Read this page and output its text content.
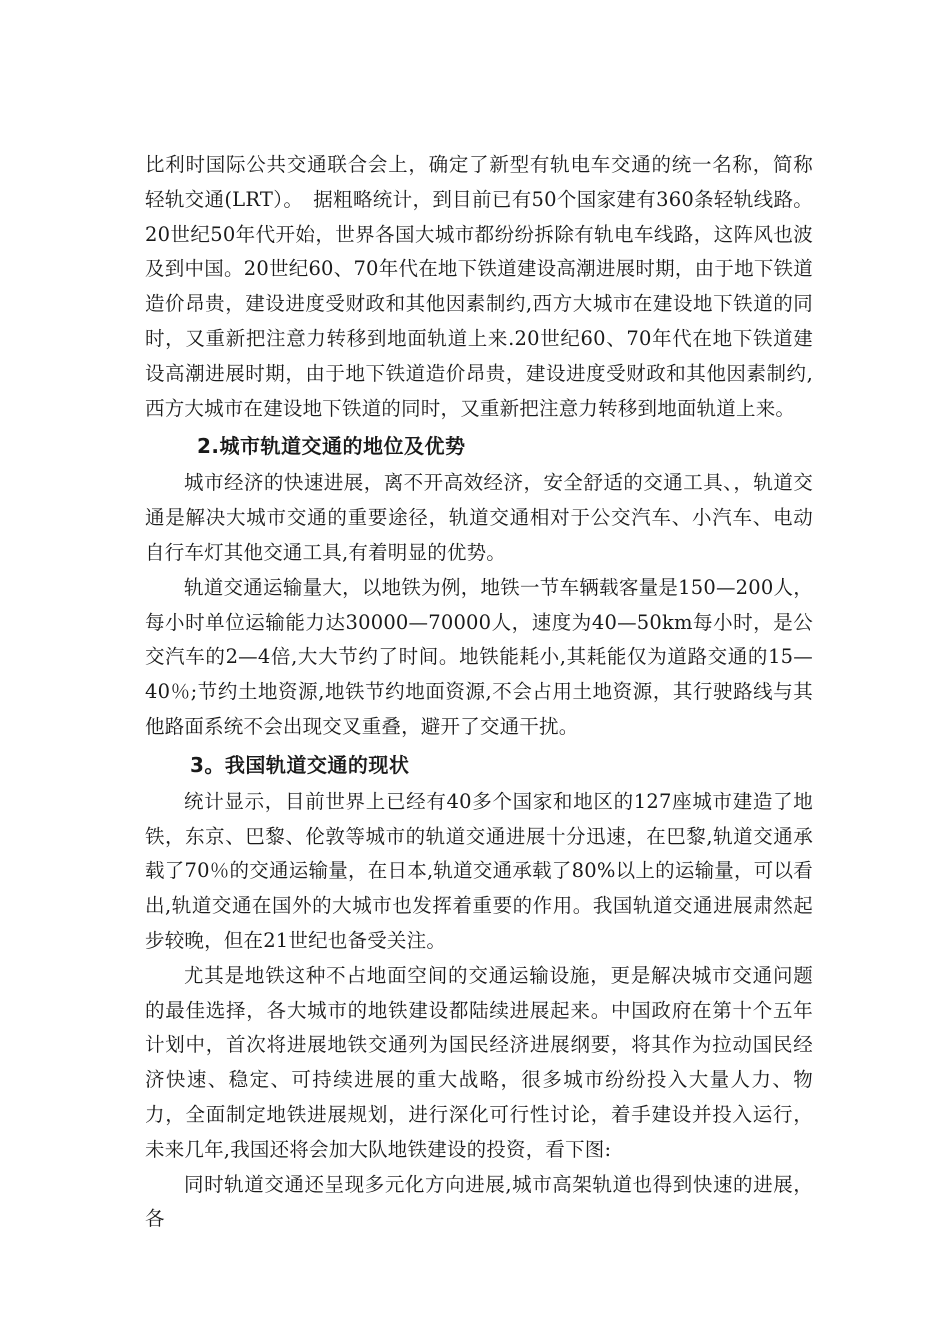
比利时国际公共交通联合会上，确定了新型有轨电车交通的统一名称，简称轻轨交通(LRT）。　据粗略统计，到目前已有50个国家建有360条轻轨线路。20世纪50年代开始，世界各国大城市都纷纷拆除有轨电车线路，这阵风也波及到中国。20世纪60、70年代在地下铁道建设高潮进展时期，由于地下铁道造价昂贵，建设进度受财政和其他因素制约,西方大城市在建设地下铁道的同时，又重新把注意力转移到地面轨道上来.20世纪60、70年代在地下铁道建设高潮进展时期，由于地下铁道造价昂贵，建设进度受财政和其他因素制约,西方大城市在建设地下铁道的同时，又重新把注意力转移到地面轨道上来。

2.城市轨道交通的地位及优势

城市经济的快速进展，离不开高效经济，安全舒适的交通工具、，轨道交通是解决大城市交通的重要途径，轨道交通相对于公交汽车、小汽车、电动自行车灯其他交通工具,有着明显的优势。

轨道交通运输量大，以地铁为例，地铁一节车辆载客量是150—200人，每小时单位运输能力达30000—70000人，速度为40—50km每小时，是公交汽车的2—4倍,大大节约了时间。地铁能耗小,其耗能仅为道路交通的15—40％;节约土地资源,地铁节约地面资源,不会占用土地资源，其行驶路线与其他路面系统不会出现交叉重叠，避开了交通干扰。

3。我国轨道交通的现状

统计显示，目前世界上已经有40多个国家和地区的127座城市建造了地铁，东京、巴黎、伦敦等城市的轨道交通进展十分迅速，在巴黎,轨道交通承载了70％的交通运输量，在日本,轨道交通承载了80%以上的运输量，可以看出,轨道交通在国外的大城市也发挥着重要的作用。我国轨道交通进展肃然起步较晚，但在21世纪也备受关注。

尤其是地铁这种不占地面空间的交通运输设施，更是解决城市交通问题的最佳选择，各大城市的地铁建设都陆续进展起来。中国政府在第十个五年计划中，首次将进展地铁交通列为国民经济进展纲要，将其作为拉动国民经济快速、稳定、可持续进展的重大战略，很多城市纷纷投入大量人力、物力，全面制定地铁进展规划，进行深化可行性讨论，着手建设并投入运行，未来几年,我国还将会加大队地铁建设的投资，看下图:

同时轨道交通还呈现多元化方向进展,城市高架轨道也得到快速的进展，各
